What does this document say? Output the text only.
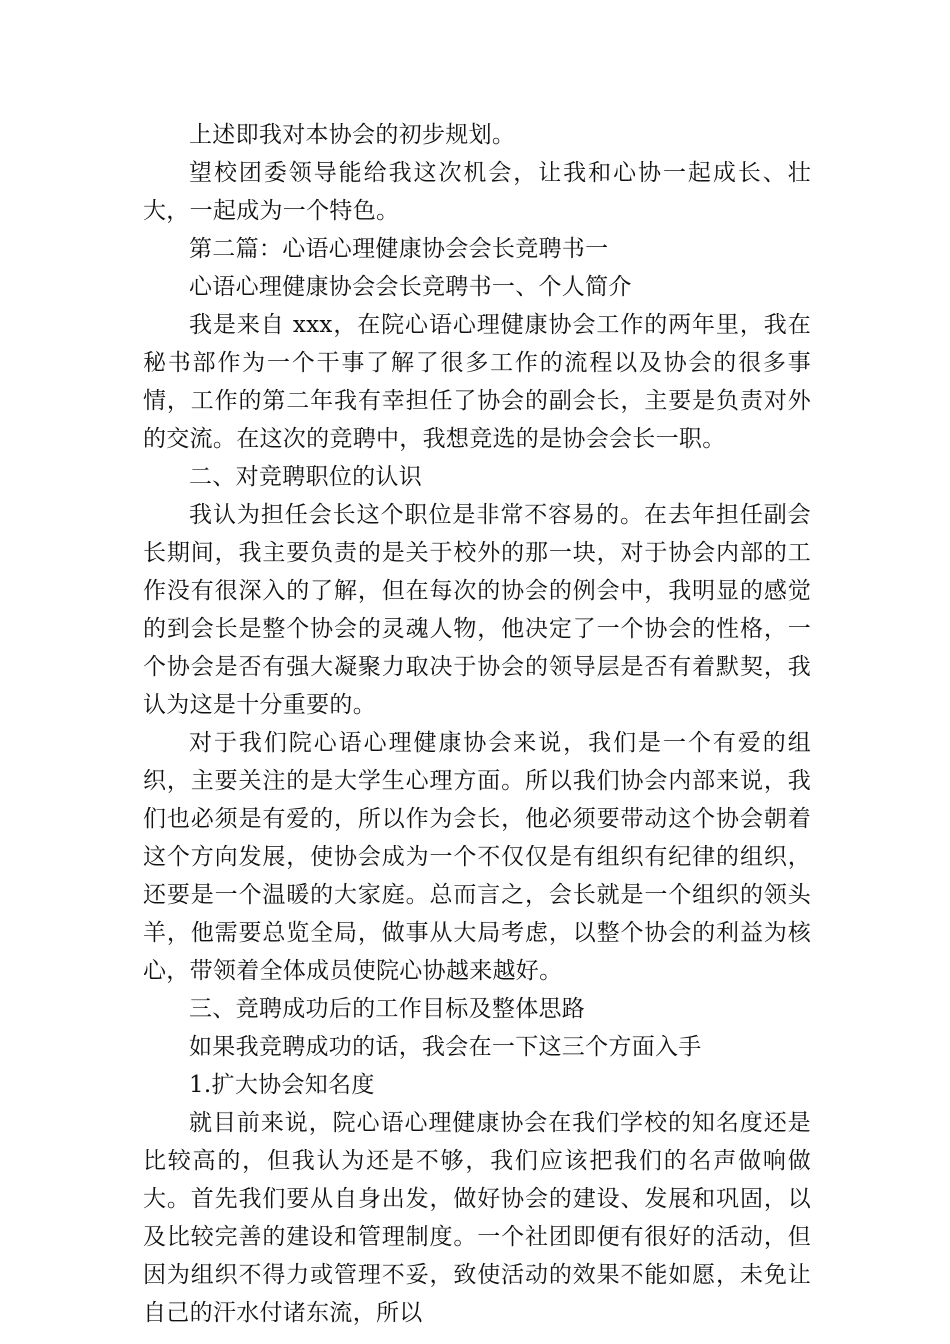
上述即我对本协会的初步规划。

望校团委领导能给我这次机会，让我和心协一起成长、壮大，一起成为一个特色。

第二篇：心语心理健康协会会长竞聘书一

心语心理健康协会会长竞聘书一、个人简介

我是来自 xxx，在院心语心理健康协会工作的两年里，我在秘书部作为一个干事了解了很多工作的流程以及协会的很多事情，工作的第二年我有幸担任了协会的副会长，主要是负责对外的交流。在这次的竞聘中，我想竞选的是协会会长一职。

二、对竞聘职位的认识

我认为担任会长这个职位是非常不容易的。在去年担任副会长期间，我主要负责的是关于校外的那一块，对于协会内部的工作没有很深入的了解，但在每次的协会的例会中，我明显的感觉的到会长是整个协会的灵魂人物，他决定了一个协会的性格，一个协会是否有强大凝聚力取决于协会的领导层是否有着默契，我认为这是十分重要的。

对于我们院心语心理健康协会来说，我们是一个有爱的组织，主要关注的是大学生心理方面。所以我们协会内部来说，我们也必须是有爱的，所以作为会长，他必须要带动这个协会朝着这个方向发展，使协会成为一个不仅仅是有组织有纪律的组织，还要是一个温暖的大家庭。总而言之，会长就是一个组织的领头羊，他需要总览全局，做事从大局考虑，以整个协会的利益为核心，带领着全体成员使院心协越来越好。

三、竞聘成功后的工作目标及整体思路

如果我竞聘成功的话，我会在一下这三个方面入手

1.扩大协会知名度

就目前来说，院心语心理健康协会在我们学校的知名度还是比较高的，但我认为还是不够，我们应该把我们的名声做响做大。首先我们要从自身出发，做好协会的建设、发展和巩固，以及比较完善的建设和管理制度。一个社团即便有很好的活动，但因为组织不得力或管理不妥，致使活动的效果不能如愿，未免让自己的汗水付诸东流，所以
